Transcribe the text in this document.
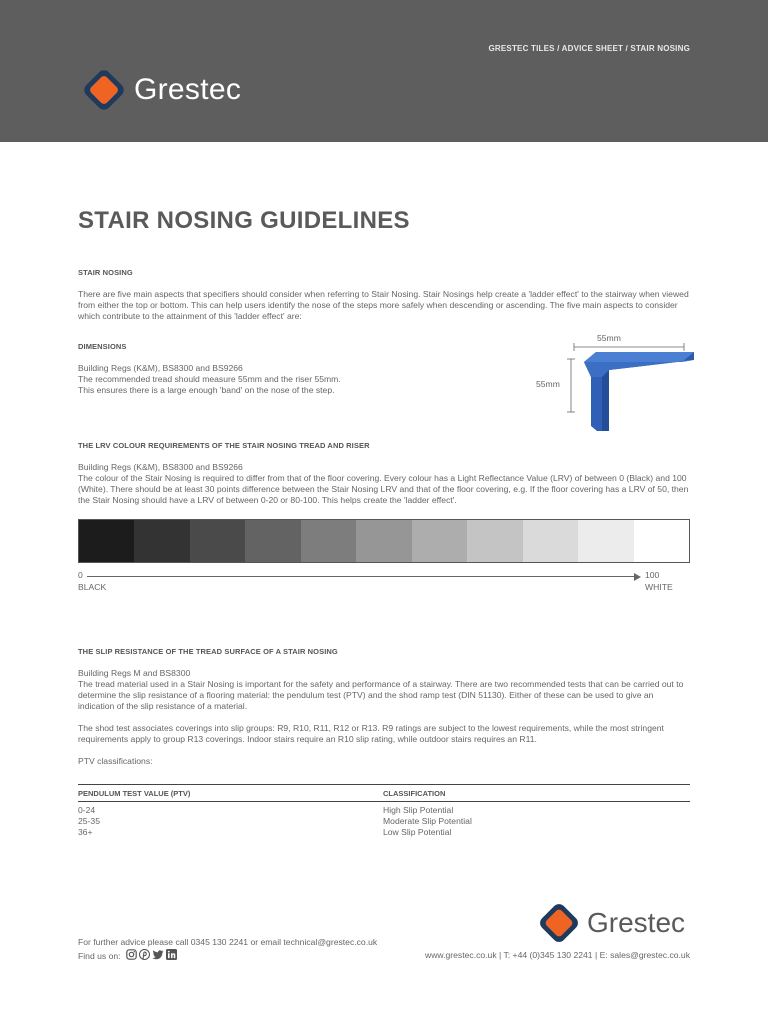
GRESTEC TILES / ADVICE SHEET / STAIR NOSING
Grestec
STAIR NOSING GUIDELINES
STAIR NOSING
There are five main aspects that specifiers should consider when referring to Stair Nosing. Stair Nosings help create a 'ladder effect' to the stairway when viewed from either the top or bottom. This can help users identify the nose of the steps more safely when descending or ascending. The five main aspects to consider which contribute to the attainment of this 'ladder effect' are:
DIMENSIONS
Building Regs (K&M), BS8300 and BS9266
The recommended tread should measure 55mm and the riser 55mm.
This ensures there is a large enough 'band' on the nose of the step.
55mm
55mm
THE LRV COLOUR REQUIREMENTS OF THE STAIR NOSING TREAD AND RISER
Building Regs (K&M), BS8300 and BS9266
The colour of the Stair Nosing is required to differ from that of the floor covering. Every colour has a Light Reflectance Value (LRV) of between 0 (Black) and 100 (White). There should be at least 30 points difference between the Stair Nosing LRV and that of the floor covering, e.g. If the floor covering has a LRV of 50, then the Stair Nosing should have a LRV of between 0-20 or 80-100. This helps create the 'ladder effect'.
0
BLACK
100
WHITE
THE SLIP RESISTANCE OF THE TREAD SURFACE OF A STAIR NOSING
Building Regs M and BS8300
The tread material used in a Stair Nosing is important for the safety and performance of a stairway. There are two recommended tests that can be carried out to determine the slip resistance of a flooring material: the pendulum test (PTV) and the shod ramp test (DIN 51130). Either of these can be used to give an indication of the slip resistance of a material.
The shod test associates coverings into slip groups: R9, R10, R11, R12 or R13. R9 ratings are subject to the lowest requirements, while the most stringent requirements apply to group R13 coverings. Indoor stairs require an R10 slip rating, while outdoor stairs requires an R11.
PTV classifications:
PENDULUM TEST VALUE (PTV)	CLASSIFICATION
0-24	High Slip Potential
25-35	Moderate Slip Potential
36+	Low Slip Potential
Grestec
For further advice please call 0345 130 2241 or email technical@grestec.co.uk
Find us on:	www.grestec.co.uk | T: +44 (0)345 130 2241 | E: sales@grestec.co.uk
